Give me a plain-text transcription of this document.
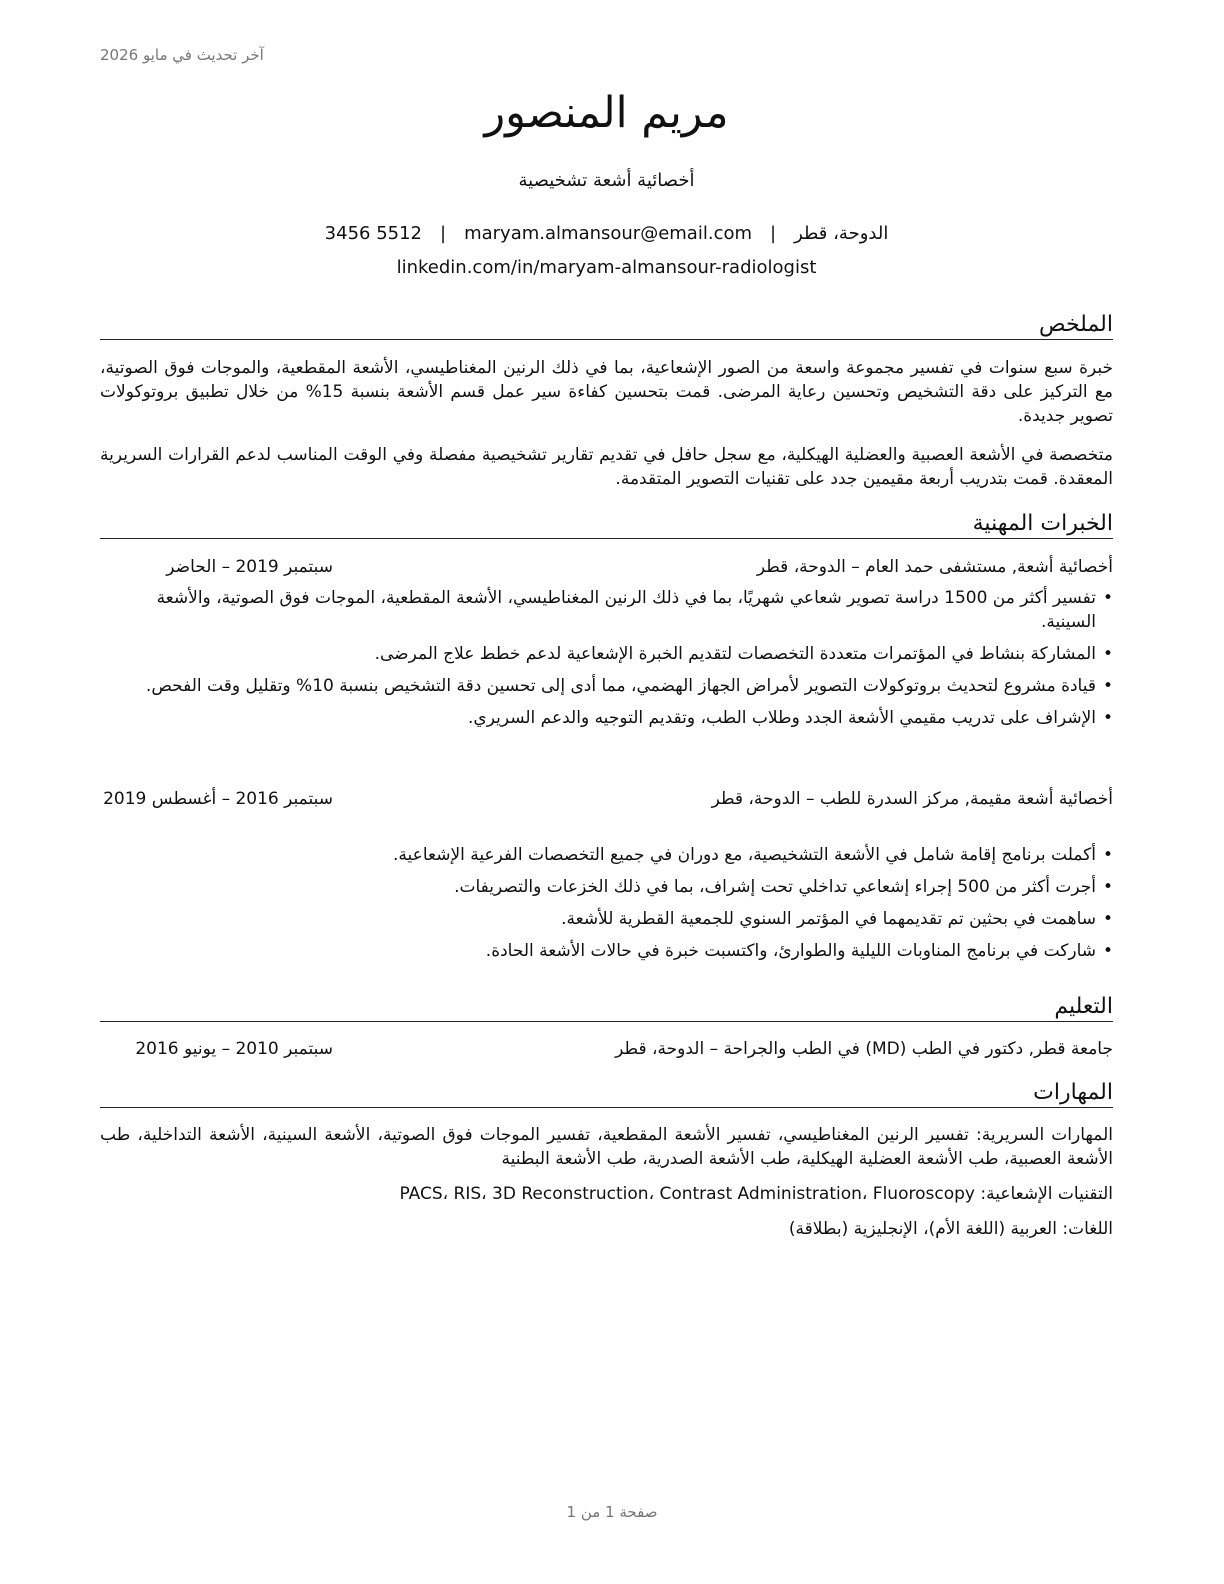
آخر تحديث في مايو 2026
مريم المنصور
أخصائية أشعة تشخيصية
الدوحة، قطر
|
maryam.almansour@email.com
|
3456 5512
linkedin.com/in/maryam-almansour-radiologist
الملخص
خبرة سبع سنوات في تفسير مجموعة واسعة من الصور الإشعاعية، بما في ذلك الرنين المغناطيسي، الأشعة المقطعية، والموجات فوق الصوتية، مع التركيز على دقة التشخيص وتحسين رعاية المرضى. قمت بتحسين كفاءة سير عمل قسم الأشعة بنسبة 15% من خلال تطبيق بروتوكولات تصوير جديدة.
متخصصة في الأشعة العصبية والعضلية الهيكلية، مع سجل حافل في تقديم تقارير تشخيصية مفصلة وفي الوقت المناسب لدعم القرارات السريرية المعقدة. قمت بتدريب أربعة مقيمين جدد على تقنيات التصوير المتقدمة.
الخبرات المهنية
أخصائية أشعة, مستشفى حمد العام – الدوحة، قطر
سبتمبر 2019 – الحاضر
• تفسير أكثر من 1500 دراسة تصوير شعاعي شهريًا، بما في ذلك الرنين المغناطيسي، الأشعة المقطعية، الموجات فوق الصوتية، والأشعة السينية.
• المشاركة بنشاط في المؤتمرات متعددة التخصصات لتقديم الخبرة الإشعاعية لدعم خطط علاج المرضى.
• قيادة مشروع لتحديث بروتوكولات التصوير لأمراض الجهاز الهضمي، مما أدى إلى تحسين دقة التشخيص بنسبة 10% وتقليل وقت الفحص.
• الإشراف على تدريب مقيمي الأشعة الجدد وطلاب الطب، وتقديم التوجيه والدعم السريري.
أخصائية أشعة مقيمة, مركز السدرة للطب – الدوحة، قطر
سبتمبر 2016 – أغسطس 2019
• أكملت برنامج إقامة شامل في الأشعة التشخيصية، مع دوران في جميع التخصصات الفرعية الإشعاعية.
• أجرت أكثر من 500 إجراء إشعاعي تداخلي تحت إشراف، بما في ذلك الخزعات والتصريفات.
• ساهمت في بحثين تم تقديمهما في المؤتمر السنوي للجمعية القطرية للأشعة.
• شاركت في برنامج المناوبات الليلية والطوارئ، واكتسبت خبرة في حالات الأشعة الحادة.
التعليم
جامعة قطر, دكتور في الطب (MD) في الطب والجراحة – الدوحة، قطر
سبتمبر 2010 – يونيو 2016
المهارات
المهارات السريرية: تفسير الرنين المغناطيسي، تفسير الأشعة المقطعية، تفسير الموجات فوق الصوتية، الأشعة السينية، الأشعة التداخلية، طب الأشعة العصبية، طب الأشعة العضلية الهيكلية، طب الأشعة الصدرية، طب الأشعة البطنية
التقنيات الإشعاعية: PACS، RIS، 3D Reconstruction، Contrast Administration، Fluoroscopy
اللغات: العربية (اللغة الأم)، الإنجليزية (بطلاقة)
صفحة 1 من 1
